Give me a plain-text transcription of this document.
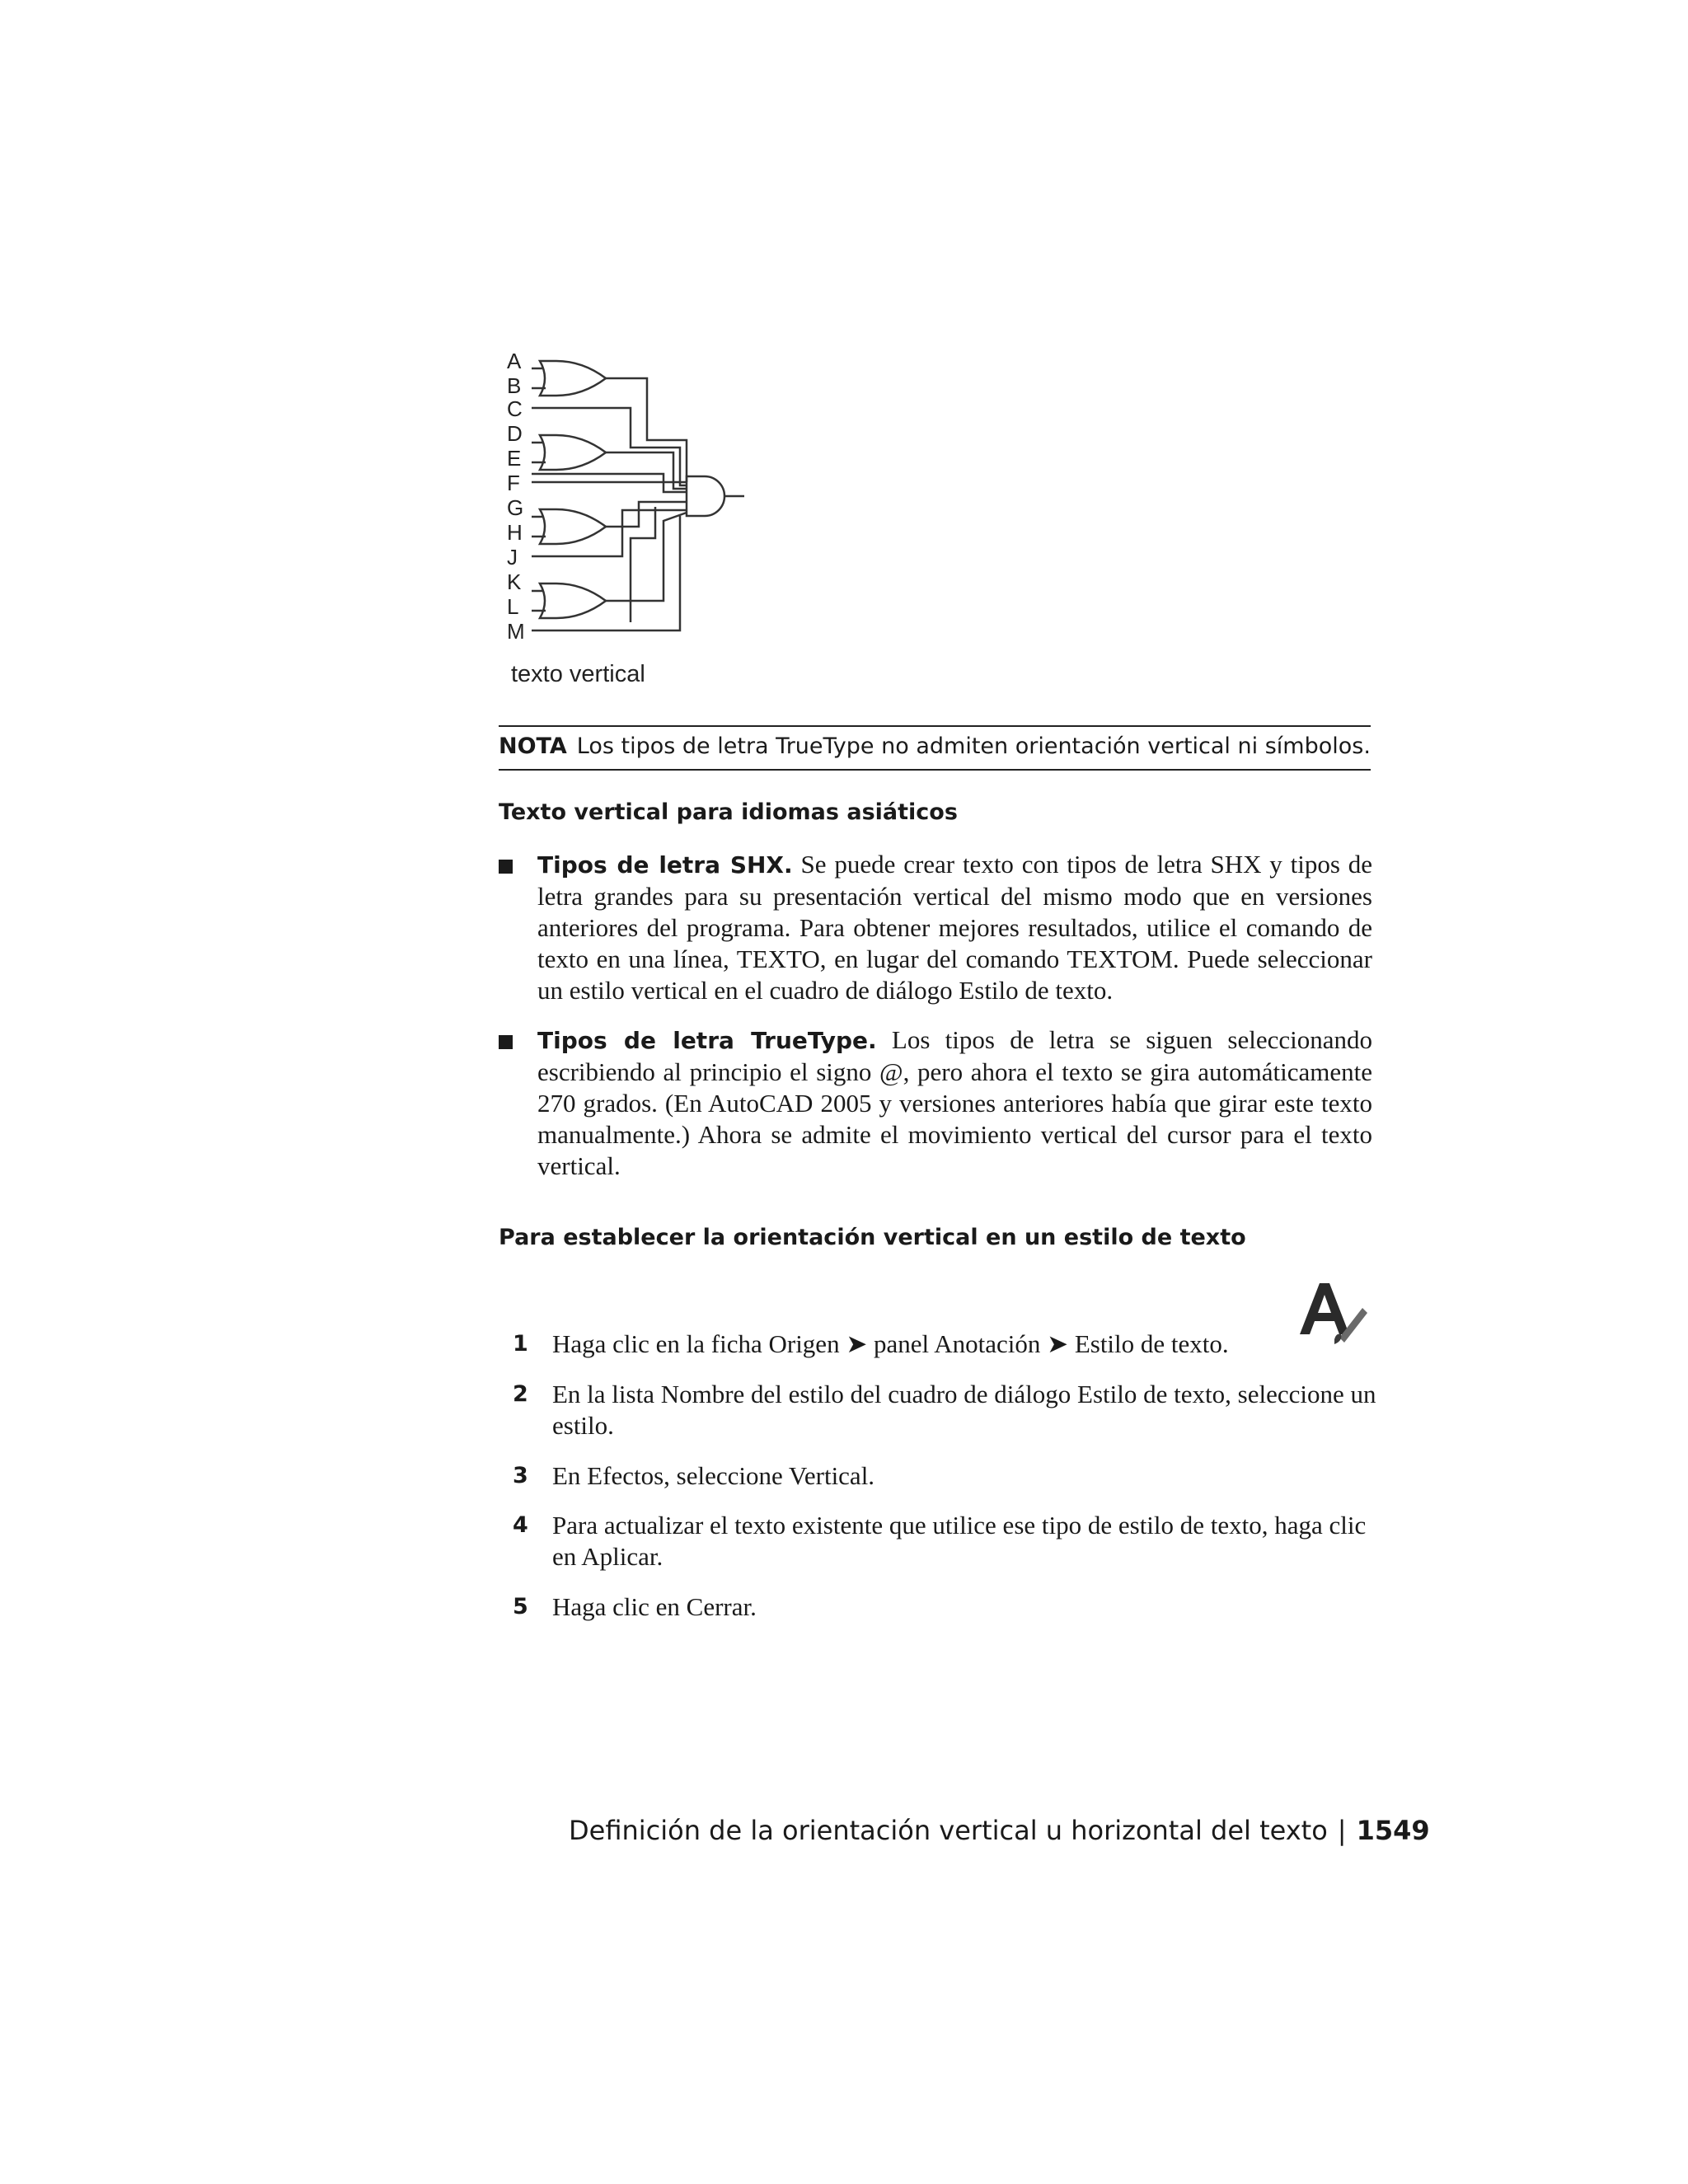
A
B
C
D
E
F
G
H
J
K
L
M
texto vertical
NOTA Los tipos de letra TrueType no admiten orientación vertical ni símbolos.
Texto vertical para idiomas asiáticos
Tipos de letra SHX. Se puede crear texto con tipos de letra SHX y tipos de letra grandes para su presentación vertical del mismo modo que en versiones anteriores del programa. Para obtener mejores resultados, utilice el comando de texto en una línea, TEXTO, en lugar del comando TEXTOM. Puede seleccionar un estilo vertical en el cuadro de diálogo Estilo de texto.
Tipos de letra TrueType. Los tipos de letra se siguen seleccionando escribiendo al principio el signo @, pero ahora el texto se gira automáticamente 270 grados. (En AutoCAD 2005 y versiones anteriores había que girar este texto manualmente.) Ahora se admite el movimiento vertical del cursor para el texto vertical.
Para establecer la orientación vertical en un estilo de texto
1 Haga clic en la ficha Origen ➤ panel Anotación ➤ Estilo de texto.
2 En la lista Nombre del estilo del cuadro de diálogo Estilo de texto, seleccione un estilo.
3 En Efectos, seleccione Vertical.
4 Para actualizar el texto existente que utilice ese tipo de estilo de texto, haga clic en Aplicar.
5 Haga clic en Cerrar.
Definición de la orientación vertical u horizontal del texto | 1549
